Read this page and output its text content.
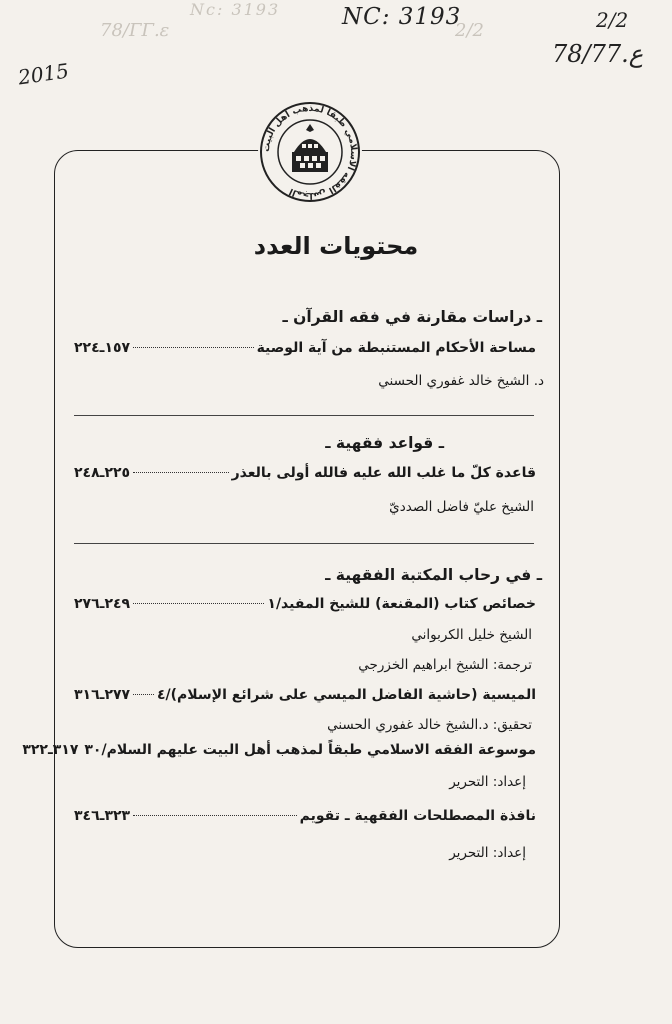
Nc: 3193
78/ΓΓ.ε	2/2
NC: 3193	2/2
2015
78/77.ع
المجلس الفقه الاسلامي طبقا لمذهب أهل البيت
محتويات العدد
ـ دراسات مقارنة في فقه القرآن ـ
مساحة الأحكام المستنبطة من آية الوصية
١٥٧ـ٢٢٤
د. الشيخ خالد غفوري الحسني
ـ قواعد فقهية ـ
قاعدة كلّ ما غلب الله عليه فالله أولى بالعذر
٢٢٥ـ٢٤٨
الشيخ عليّ فاضل الصدديّ
ـ في رحاب المكتبة الفقهية ـ
خصائص كتاب (المقنعة) للشيخ المفيد/١
٢٤٩ـ٢٧٦
الشيخ خليل الكربواني
ترجمة: الشيخ ابراهيم الخزرجي
الميسية (حاشية الفاضل الميسي على شرائع الإسلام)/٤
٢٧٧ـ٣١٦
تحقيق: د.الشيخ خالد غفوري الحسني
موسوعة الفقه الاسلامي طبقاً لمذهب أهل البيت عليهم السلام/٣٠
٣١٧ـ٣٢٢
إعداد: التحرير
نافذة المصطلحات الفقهية ـ تقويم
٣٢٣ـ٣٤٦
إعداد: التحرير
